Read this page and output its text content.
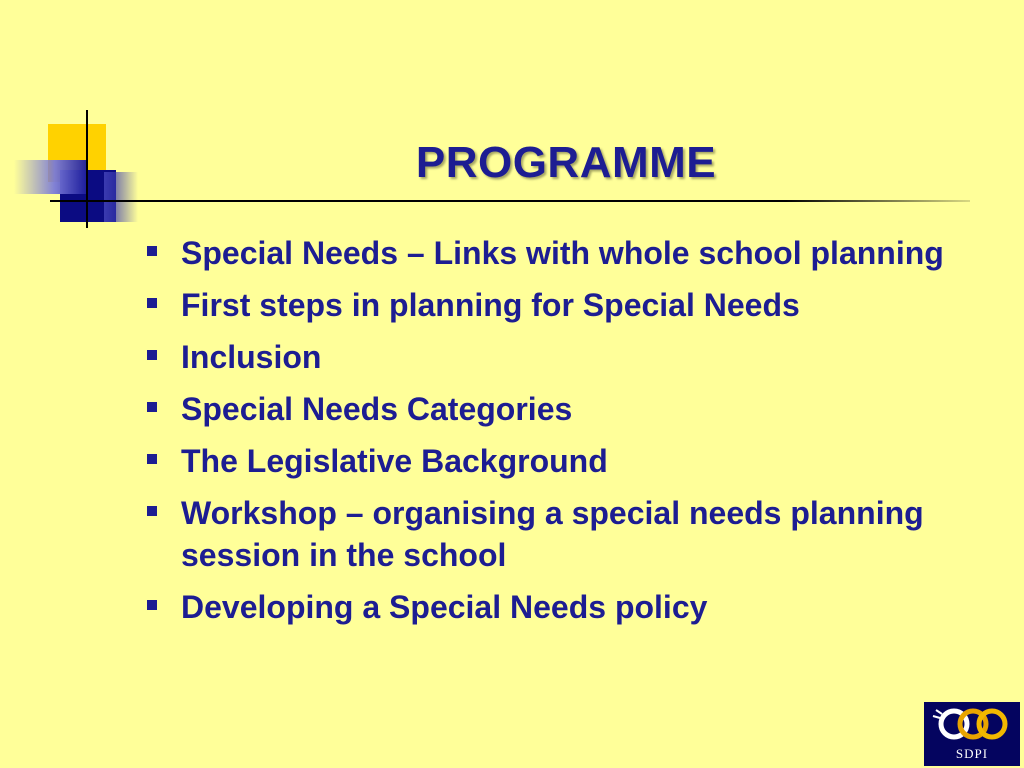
PROGRAMME
Special Needs – Links with whole school planning
First steps in planning for Special Needs
Inclusion
Special Needs Categories
The Legislative Background
Workshop – organising a special needs planning session in the school
Developing a Special Needs policy
SDPI
